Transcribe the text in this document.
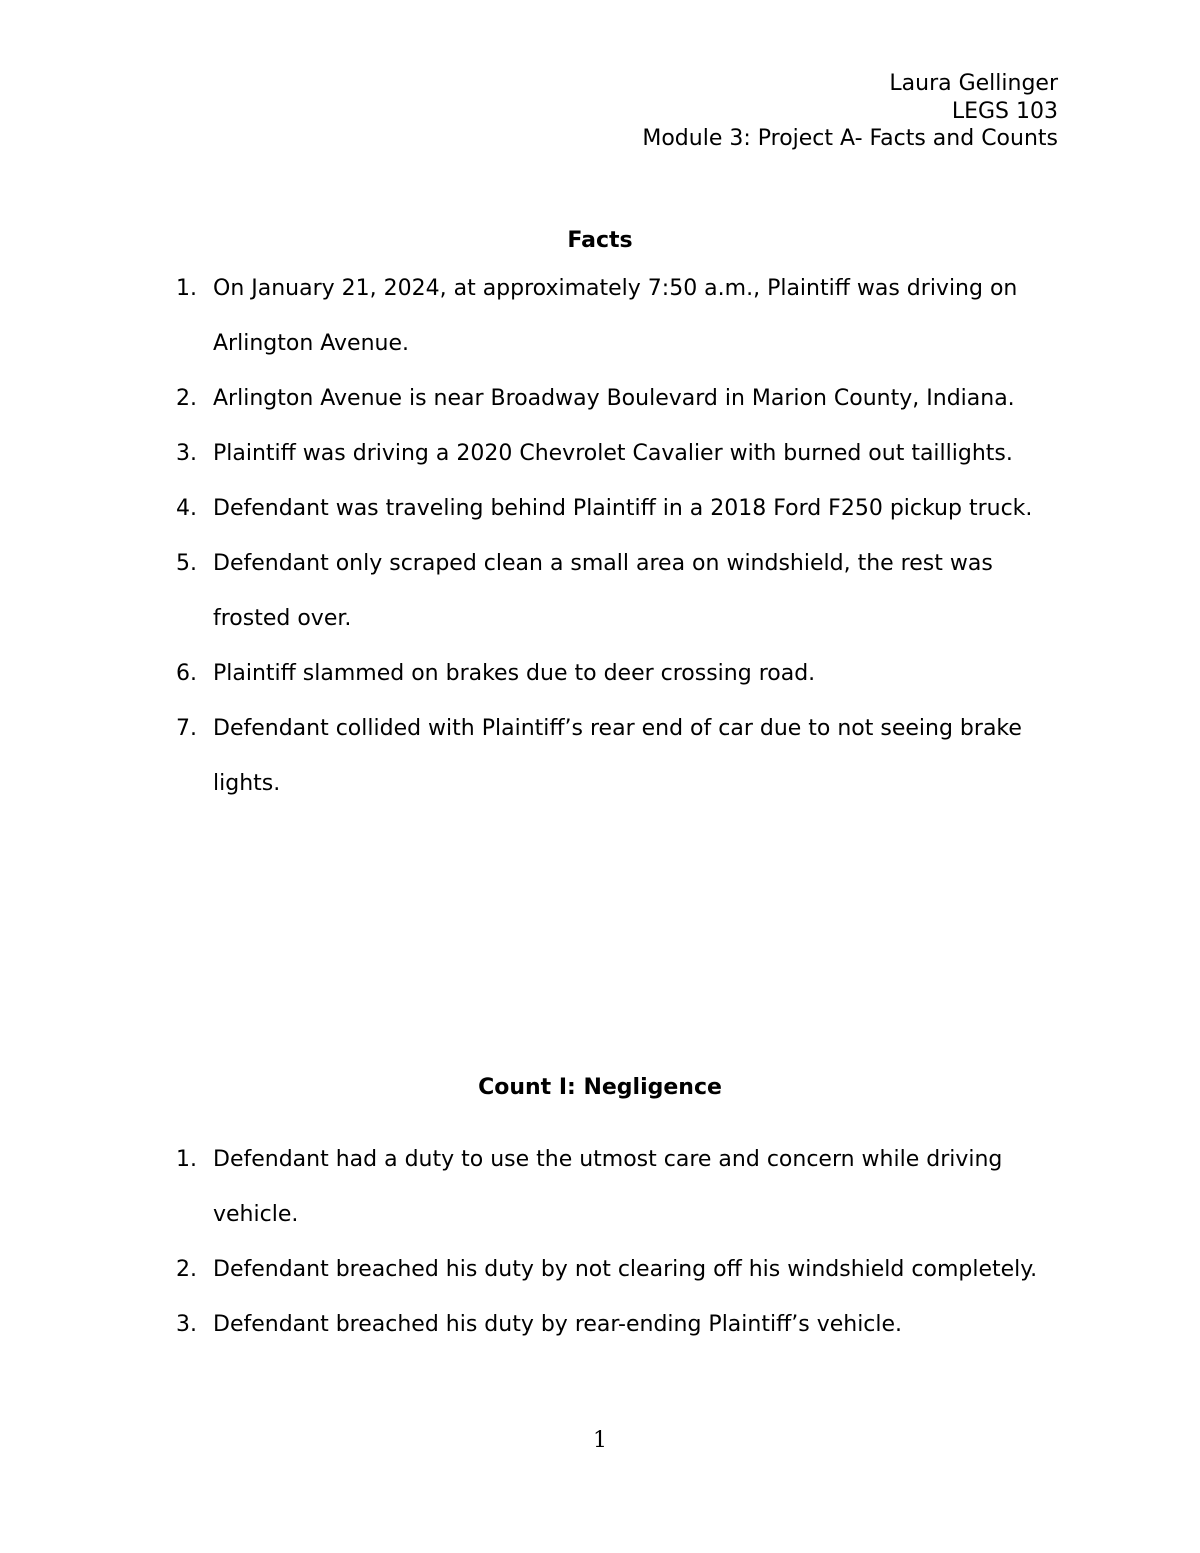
Laura Gellinger
LEGS 103
Module 3: Project A- Facts and Counts
Facts
1. On January 21, 2024, at approximately 7:50 a.m., Plaintiff was driving on Arlington Avenue.
2. Arlington Avenue is near Broadway Boulevard in Marion County, Indiana.
3. Plaintiff was driving a 2020 Chevrolet Cavalier with burned out taillights.
4. Defendant was traveling behind Plaintiff in a 2018 Ford F250 pickup truck.
5. Defendant only scraped clean a small area on windshield, the rest was frosted over.
6. Plaintiff slammed on brakes due to deer crossing road.
7. Defendant collided with Plaintiff’s rear end of car due to not seeing brake lights.
Count I: Negligence
1. Defendant had a duty to use the utmost care and concern while driving vehicle.
2. Defendant breached his duty by not clearing off his windshield completely.
3. Defendant breached his duty by rear-ending Plaintiff’s vehicle.
1
